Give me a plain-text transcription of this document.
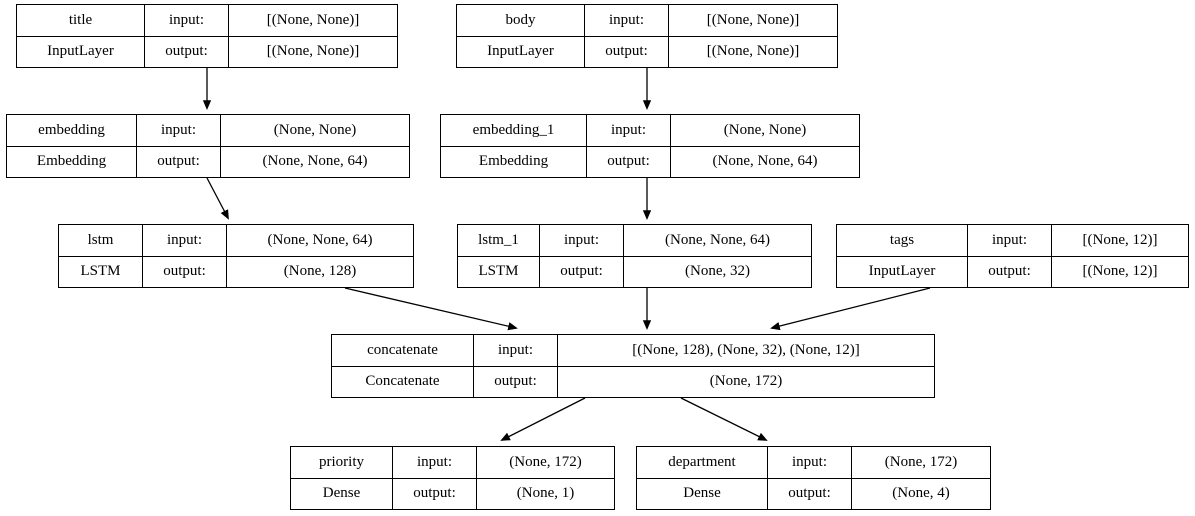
title	input:	[(None, None)]
InputLayer	output:	[(None, None)]
body	input:	[(None, None)]
InputLayer	output:	[(None, None)]
embedding	input:	(None, None)
Embedding	output:	(None, None, 64)
embedding_1	input:	(None, None)
Embedding	output:	(None, None, 64)
lstm	input:	(None, None, 64)
LSTM	output:	(None, 128)
lstm_1	input:	(None, None, 64)
LSTM	output:	(None, 32)
tags	input:	[(None, 12)]
InputLayer	output:	[(None, 12)]
concatenate	input:	[(None, 128), (None, 32), (None, 12)]
Concatenate	output:	(None, 172)
priority	input:	(None, 172)
Dense	output:	(None, 1)
department	input:	(None, 172)
Dense	output:	(None, 4)
